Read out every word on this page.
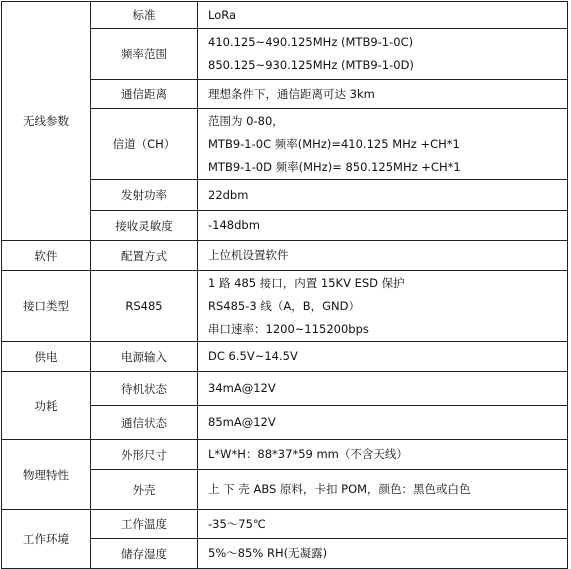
无线参数	标准	LoRa

	频率范围	410.125~490.125MHz (MTB9-1-0C)
850.125~930.125MHz (MTB9-1-0D)

	通信距离	理想条件下，通信距离可达 3km

	信道（CH）	范围为 0-80，
MTB9-1-0C 频率(MHz)=410.125 MHz +CH*1
MTB9-1-0D 频率(MHz)= 850.125MHz +CH*1

	发射功率	22dbm

	接收灵敏度	-148dbm

软件	配置方式	上位机设置软件

接口类型	RS485	1 路 485 接口，内置 15KV ESD 保护
RS485-3 线（A，B，GND）
串口速率：1200~115200bps

供电	电源输入	DC 6.5V~14.5V

功耗	待机状态	34mA@12V

	通信状态	85mA@12V

物理特性	外形尺寸	L*W*H：88*37*59 mm（不含天线）

	外壳	上 下 壳 ABS 原料，卡扣 POM，颜色：黑色或白色

工作环境	工作温度	-35～75℃

	储存湿度	5%～85% RH(无凝露)
